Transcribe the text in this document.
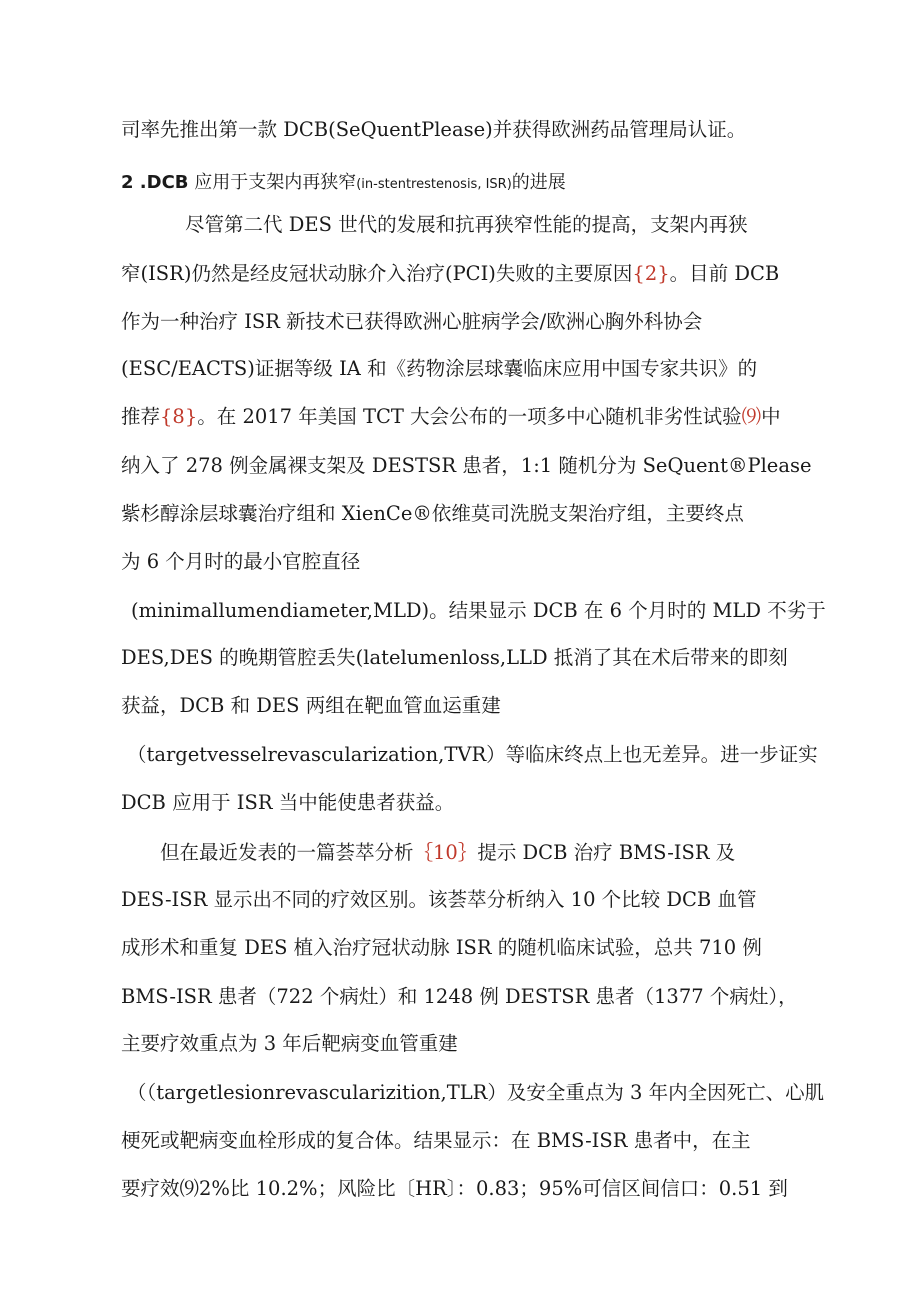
司率先推出第一款 DCB(SeQuentPlease)并获得欧洲药品管理局认证。
2 .DCB 应用于支架内再狭窄(in-stentrestenosis, ISR)的进展
尽管第二代 DES 世代的发展和抗再狭窄性能的提高，支架内再狭
窄(ISR)仍然是经皮冠状动脉介入治疗(PCI)失败的主要原因{2}。目前 DCB
作为一种治疗 ISR 新技术已获得欧洲心脏病学会/欧洲心胸外科协会
(ESC/EACTS)证据等级 IA 和《药物涂层球囊临床应用中国专家共识》的
推荐{8}。在 2017 年美国 TCT 大会公布的一项多中心随机非劣性试验⑼中
纳入了 278 例金属裸支架及 DESTSR 患者，1:1 随机分为 SeQuent®Please
紫杉醇涂层球囊治疗组和 XienCe®依维莫司洗脱支架治疗组，主要终点
为 6 个月时的最小官腔直径
(minimallumendiameter,MLD)。结果显示 DCB 在 6 个月时的 MLD 不劣于
DES,DES 的晚期管腔丢失(latelumenloss,LLD 抵消了其在术后带来的即刻
获益，DCB 和 DES 两组在靶血管血运重建
（targetvesselrevascularization,TVR）等临床终点上也无差异。进一步证实
DCB 应用于 ISR 当中能使患者获益。
但在最近发表的一篇荟萃分析｛10｝提示 DCB 治疗 BMS-ISR 及
DES-ISR 显示出不同的疗效区别。该荟萃分析纳入 10 个比较 DCB 血管
成形术和重复 DES 植入治疗冠状动脉 ISR 的随机临床试验，总共 710 例
BMS-ISR 患者（722 个病灶）和 1248 例 DESTSR 患者（1377 个病灶），
主要疗效重点为 3 年后靶病变血管重建
（（targetlesionrevascularizition,TLR）及安全重点为 3 年内全因死亡、心肌
梗死或靶病变血栓形成的复合体。结果显示：在 BMS-ISR 患者中，在主
要疗效⑼2%比 10.2%；风险比〔HR〕：0.83；95%可信区间信口：0.51 到
